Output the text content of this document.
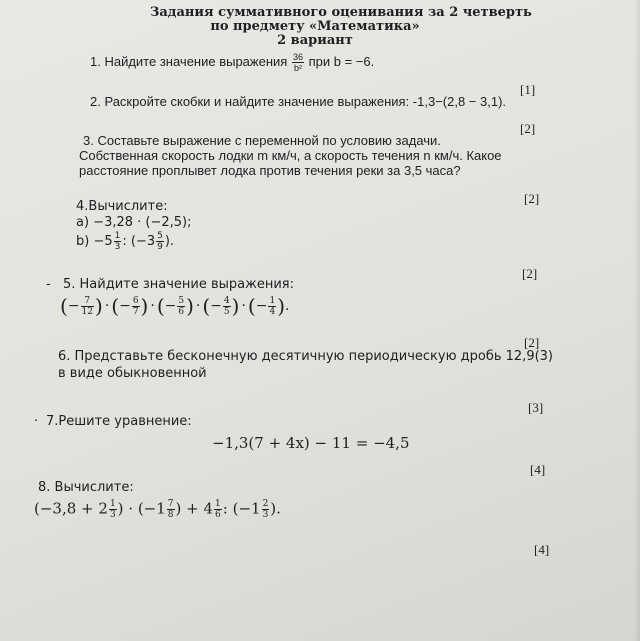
Задания суммативного оценивания за 2 четверть
по предмету «Математика»
2 вариант
1. Найдите значение выражения $\frac{36}{\text{b²}}$ при b = −6.
[1]
2. Раскройте скобки и найдите значение выражения: -1,3−(2,8 − 3,1).
[2]
3. Составьте выражение с переменной по условию задачи.
Собственная скорость лодки m км/ч, а скорость течения n км/ч. Какое
расстояние проплывет лодка против течения реки за 3,5 часа?
[2]
4.Вычислите:
a) −3,28 · (−2,5);
$b) -5 \frac{1}{3}$ : ($-3 \frac{5}{9}$ ).
[2]
- 5. Найдите значение выражения:
(− $\frac{7}{12}$ ) · (− $\frac{6}{7}$ ) · (− $\frac{5}{6}$ ) · (− $\frac{4}{5}$ ) · (− $\frac{1}{4}$ ).
[2]
6. Представьте бесконечную десятичную периодическую дробь 12,9(3)
в виде обыкновенной
[3]
· 7.Решите уравнение:
−1,3(7 + 4x) − 11 = −4,5
[4]
8. Вычислите:
($-3,8 + 2 \frac{1}{3}$ ) · ($-1 \frac{7}{8}$ ) + $4 \frac{1}{6}$ : ($-1 \frac{2}{3}$ ).
[4]
